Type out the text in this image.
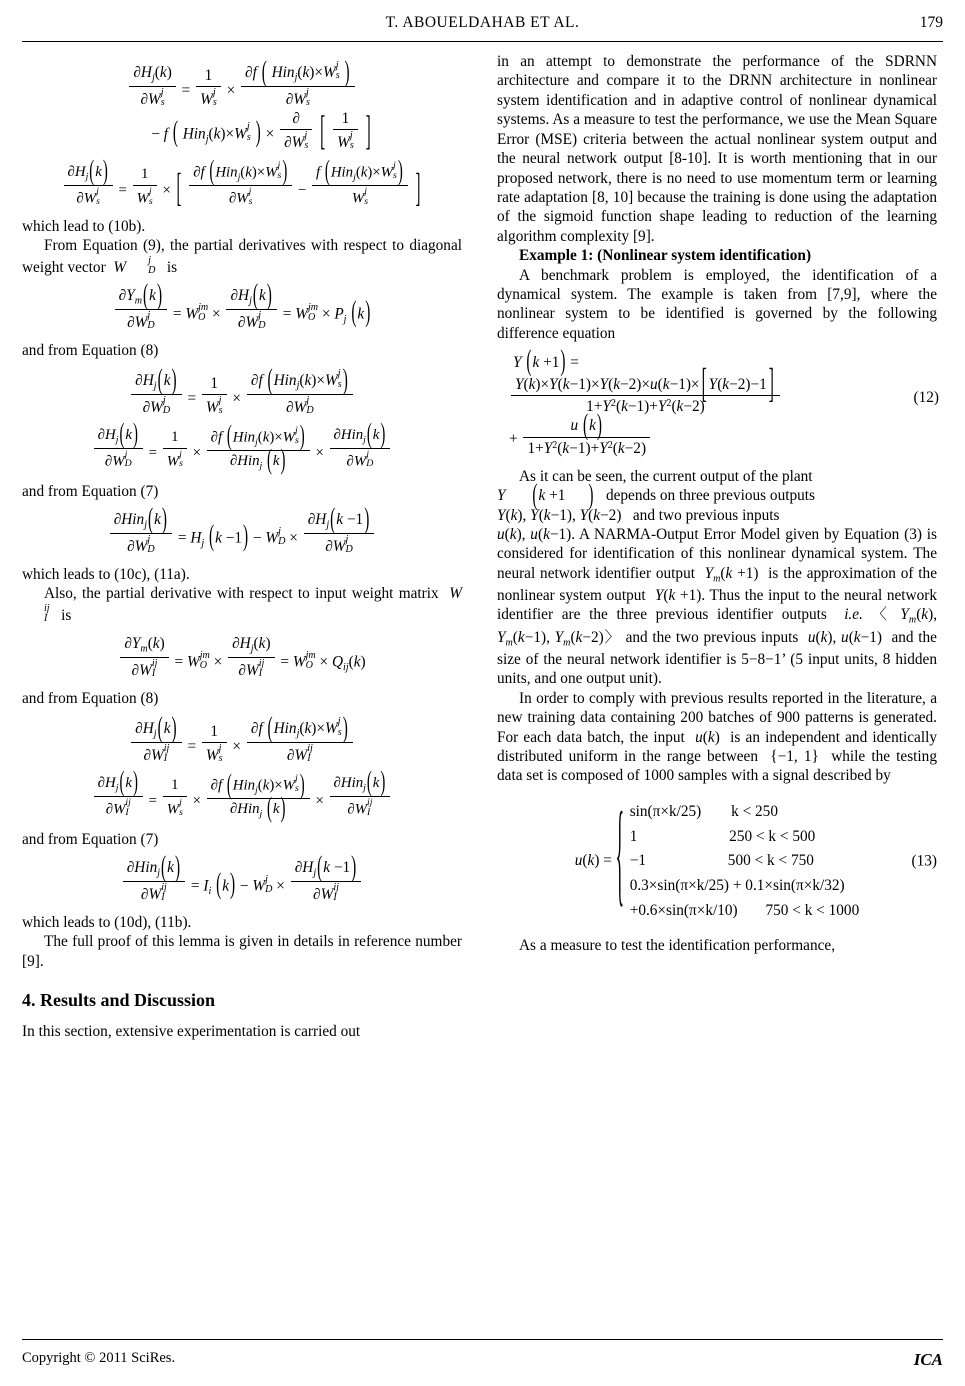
T. ABOUELDAHAB ET AL.	179
$\partial H_j(k)$
∂W j
s = 1
W j
s × ∂f ( Hin$_j$(k)×W j
s )
∂W j
s
− f ( Hin$_j$(k)×W j
s ) × ∂
∂W j
s [ 1
W j
s ]
$\partial H_j(k)$
∂W j
s = 1
W j
s × [ ∂f (Hin$_j$(k)×W j
s )
∂W j
s − f (Hin$_j$(k)×W j
s )
W j
s ]

which lead to (10b).

From Equation (9), the partial derivatives with respect to diagonal weight vector W	j
D is

$\partial Y_m(k)$
∂W j
D = W jm
$O \times \partial H_j(k)$
∂W j
D = W jm
$O \times P_j$ (k)

and from Equation (8)

$\partial H_j(k)$
∂W j
D = 1
W j
s × ∂f (Hin$_j$(k)×W j
s )
∂W j
D
$\partial H_j(k)$
∂W j
D = 1
W j
s × ∂f (Hin$_j$(k)×W j
s )
∂Hin$_j$ (k) × ∂Hin$_j$(k)
∂W j
D

and from Equation (7)

∂Hin$_j$(k)
∂W j
$D = H_j$ (k −1) − W j
$D \times \partial H_j(k -1)$
∂W j
D

which leads to (10c), (11a).

Also, the partial derivative with respect to input weight matrix W
ij
I is

$\partial Y_m(k)$
∂W ij
I = W jm
$O \times \partial H_j(k)$
∂W ij
I = W jm
$O \times Q_{ij}(k)$

and from Equation (8)

$\partial H_j(k)$
∂W ij
I = 1
W j
s × ∂f (Hin$_j$(k)×W j
s )
∂W ij
I
$\partial H_j(k)$
∂W ij
I = 1
W j
s × ∂f (Hin$_j$(k)×W j
s )
∂Hin$_j$ (k) × ∂Hin$_j$(k)
∂W ij
I

and from Equation (7)

∂Hin$_j$(k)
∂W ij
$I = I_i$ (k) − W j
$D \times \partial H_j(k -1)$
∂W ij
I

which leads to (10d), (11b).

The full proof of this lemma is given in details in reference number [9].

4. Results and Discussion

In this section, extensive experimentation is carried out

in an attempt to demonstrate the performance of the SDRNN architecture and compare it to the DRNN architecture in nonlinear system identification and in adaptive control of nonlinear dynamical systems. As a measure to test the performance, we use the Mean Square Error (MSE) criteria between the actual nonlinear system output and the neural network output [8-10]. It is worth mentioning that in our proposed network, there is no need to use momentum term or learning rate adaptation [8, 10] because the training is done using the adaptation of the sigmoid function shape leading to reduction of the learning algorithm complexity [9].

Example 1: (Nonlinear system identification)

A benchmark problem is employed, the identification of a dynamical system. The example is taken from [7,9], where the nonlinear system to be identified is governed by the following difference equation

Y (k +1) =
$\frac{Y(k)\times Y(k-1)\times Y(k-2)\times u(k-1)\times [ Y(k-2)-1 ]}{1+Y^2(k-1)+Y^2(k-2)}$	(12)
+ $\frac{u (k)}{1+Y^2(k-1)+Y^2(k-2)}$

As it can be seen, the current output of the plant
Y (k +1 ) depends on three previous outputs
Y(k), Y(k−1), Y(k−2)   and two previous inputs
u(k), u(k−1). A NARMA-Output Error Model given by Equation (3) is considered for identification of this nonlinear dynamical system. The neural network identifier output $Y_m(k +1)$  is the approximation of the nonlinear system output Y(k +1). Thus the input to the neural network identifier are the three previous identifier outputs i.e. 〈 $Y_m(k)$, $Y_m(k-1)$, $Y_m(k-2)$〉 and the two previous inputs u(k), u(k−1)  and the size of the neural network identifier is 5−8−1’ (5 input units, 8 hidden units, and one output unit).

In order to comply with previous results reported in the literature, a new training data containing 200 batches of 900 patterns is generated. For each data batch, the input u(k)  is an independent and identically distributed uniform in the range between  {−1, 1}  while the testing data set is composed of 1000 samples with a signal described by

u(k) = { sin(π×k/25) k < 250
1	250 < k < 500
−1	500 < k < 750
0.3×sin(π×k/25) + 0.1×sin(π×k/32)
+0.6×sin(π×k/10) 750 < k < 1000
(13)

As a measure to test the identification performance,

Copyright © 2011 SciRes.	ICA
